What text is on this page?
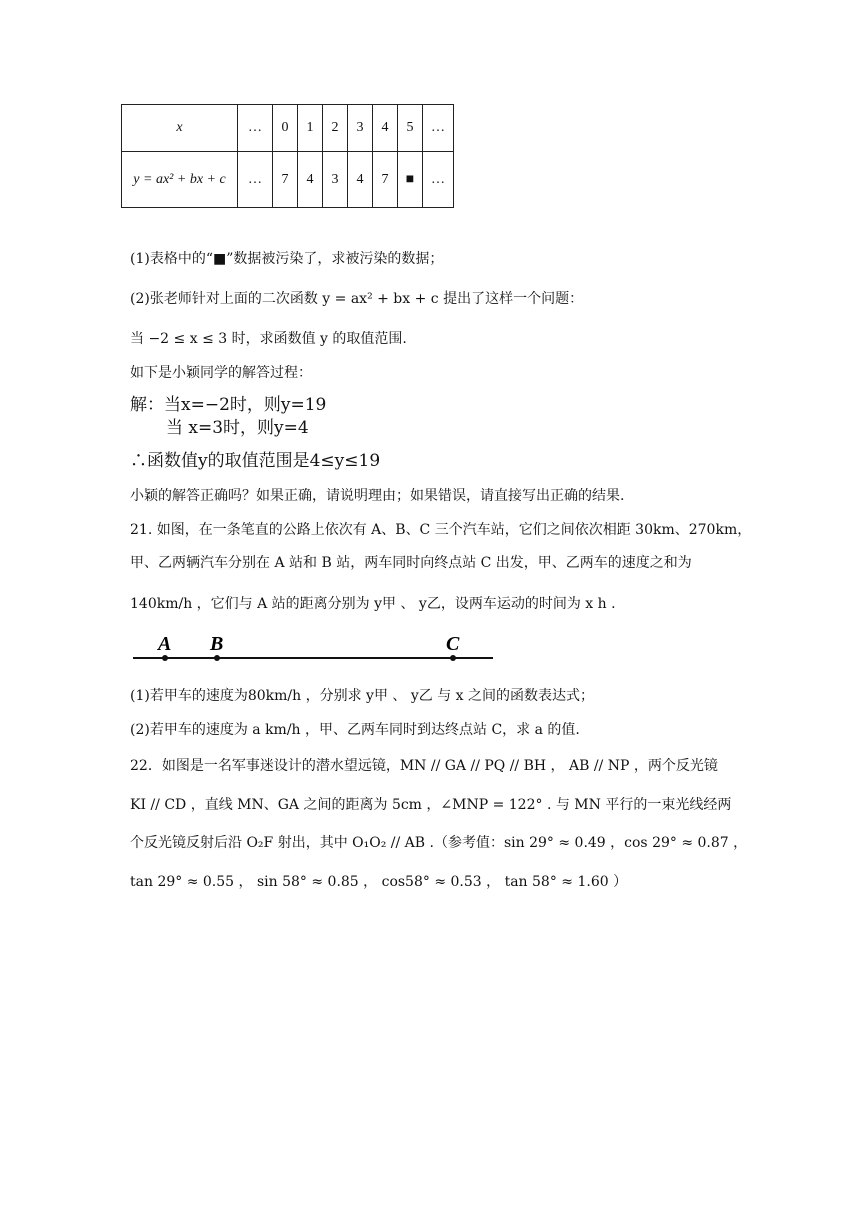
x	…	0	1	2	3	4	5	…
y = ax² + bx + c	…	7	4	3	4	7	■	…
(1)表格中的“■”数据被污染了，求被污染的数据；
(2)张老师针对上面的二次函数 y = ax² + bx + c 提出了这样一个问题：
当 −2 ≤ x ≤ 3 时，求函数值 y 的取值范围.
如下是小颖同学的解答过程：
解：当x=−2时，则y=19
当 x=3时，则y=4
∴函数值y的取值范围是4≤y≤19
小颖的解答正确吗？如果正确，请说明理由；如果错误，请直接写出正确的结果.
21. 如图，在一条笔直的公路上依次有 A、B、C 三个汽车站，它们之间依次相距 30km、270km，
甲、乙两辆汽车分别在 A 站和 B 站，两车同时向终点站 C 出发，甲、乙两车的速度之和为
140km/h ，它们与 A 站的距离分别为 y甲 、 y乙，设两车运动的时间为 x h .
A B	C
(1)若甲车的速度为80km/h ，分别求 y甲 、 y乙 与 x 之间的函数表达式；
(2)若甲车的速度为 a km/h ，甲、乙两车同时到达终点站 C，求 a 的值.
22．如图是一名军事迷设计的潜水望远镜，MN // GA // PQ // BH ， AB // NP ，两个反光镜
KI // CD ，直线 MN、GA 之间的距离为 5cm ，∠MNP = 122° . 与 MN 平行的一束光线经两
个反光镜反射后沿 O₂F 射出，其中 O₁O₂ // AB .（参考值：sin 29° ≈ 0.49 ，cos 29° ≈ 0.87 ，
tan 29° ≈ 0.55 ， sin 58° ≈ 0.85 ， cos58° ≈ 0.53 ， tan 58° ≈ 1.60 ）
